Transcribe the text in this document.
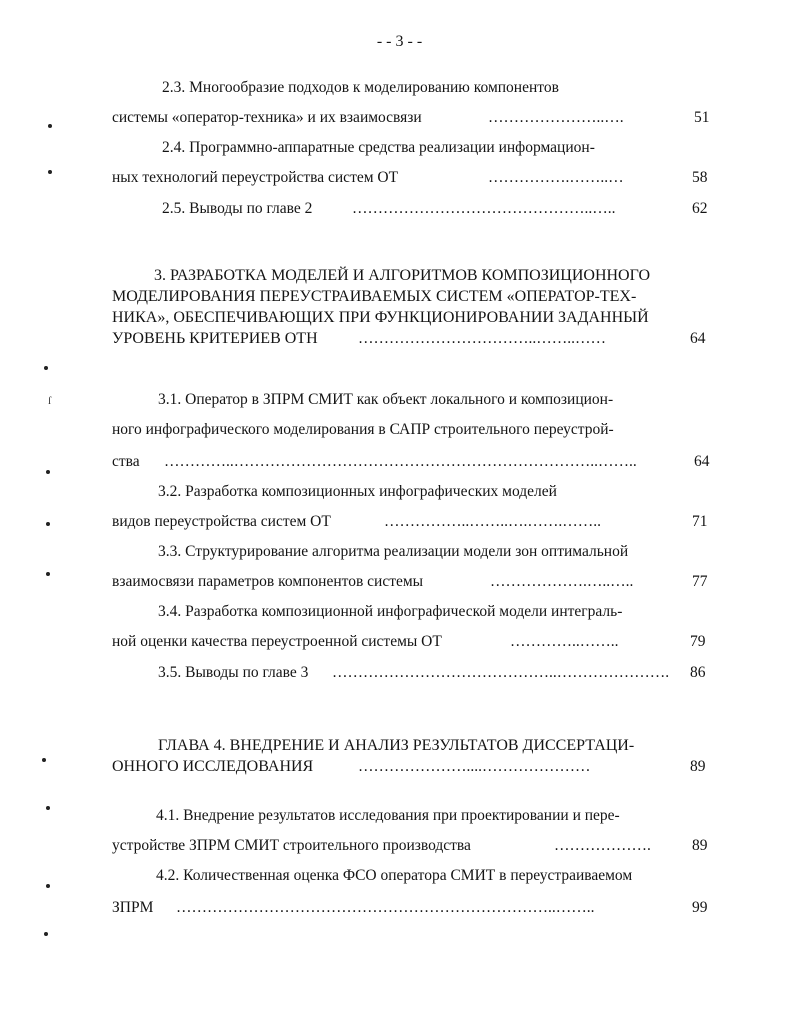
- - 3 - -
ſ
2.3. Многообразие подходов к моделированию компонентов
системы «оператор-техника» и их взаимосвязи	…………………..….	51
2.4. Программно-аппаратные средства реализации информацион-
ных технологий переустройства систем ОТ	…………….……..…	58
2.5. Выводы по главе 2	………………………………………..…..	62
3. РАЗРАБОТКА МОДЕЛЕЙ И АЛГОРИТМОВ КОМПОЗИЦИОННОГО
МОДЕЛИРОВАНИЯ ПЕРЕУСТРАИВАЕМЫХ СИСТЕМ «ОПЕРАТОР-ТЕХ-
НИКА», ОБЕСПЕЧИВАЮЩИХ ПРИ ФУНКЦИОНИРОВАНИИ ЗАДАННЫЙ
УРОВЕНЬ КРИТЕРИЕВ ОТН	……………………………..……..……	64
3.1. Оператор в ЗПРМ СМИТ как объект локального и композицион-
ного инфографического моделирования в САПР строительного переустрой-
ства …………..……………………………………………………………..……..	64
3.2. Разработка композиционных инфографических моделей
видов переустройства систем ОТ	……………..……..….…….……..	71
3.3. Структурирование алгоритма реализации модели зон оптимальной
взаимосвязи параметров компонентов системы	……………….…..…..	77
3.4. Разработка композиционной инфографической модели интеграль-
ной оценки качества переустроенной системы ОТ	…………..……..	79
3.5. Выводы по главе 3 ……………………………………..…………………. 86
ГЛАВА 4. ВНЕДРЕНИЕ И АНАЛИЗ РЕЗУЛЬТАТОВ ДИССЕРТАЦИ-
ОННОГО ИССЛЕДОВАНИЯ	…………………....…………………	89
4.1. Внедрение результатов исследования при проектировании и пере-
устройстве ЗПРМ СМИТ строительного производства	……………….	89
4.2. Количественная оценка ФСО оператора СМИТ в переустраиваемом
ЗПРМ ………………………………………………………………..……..	99
